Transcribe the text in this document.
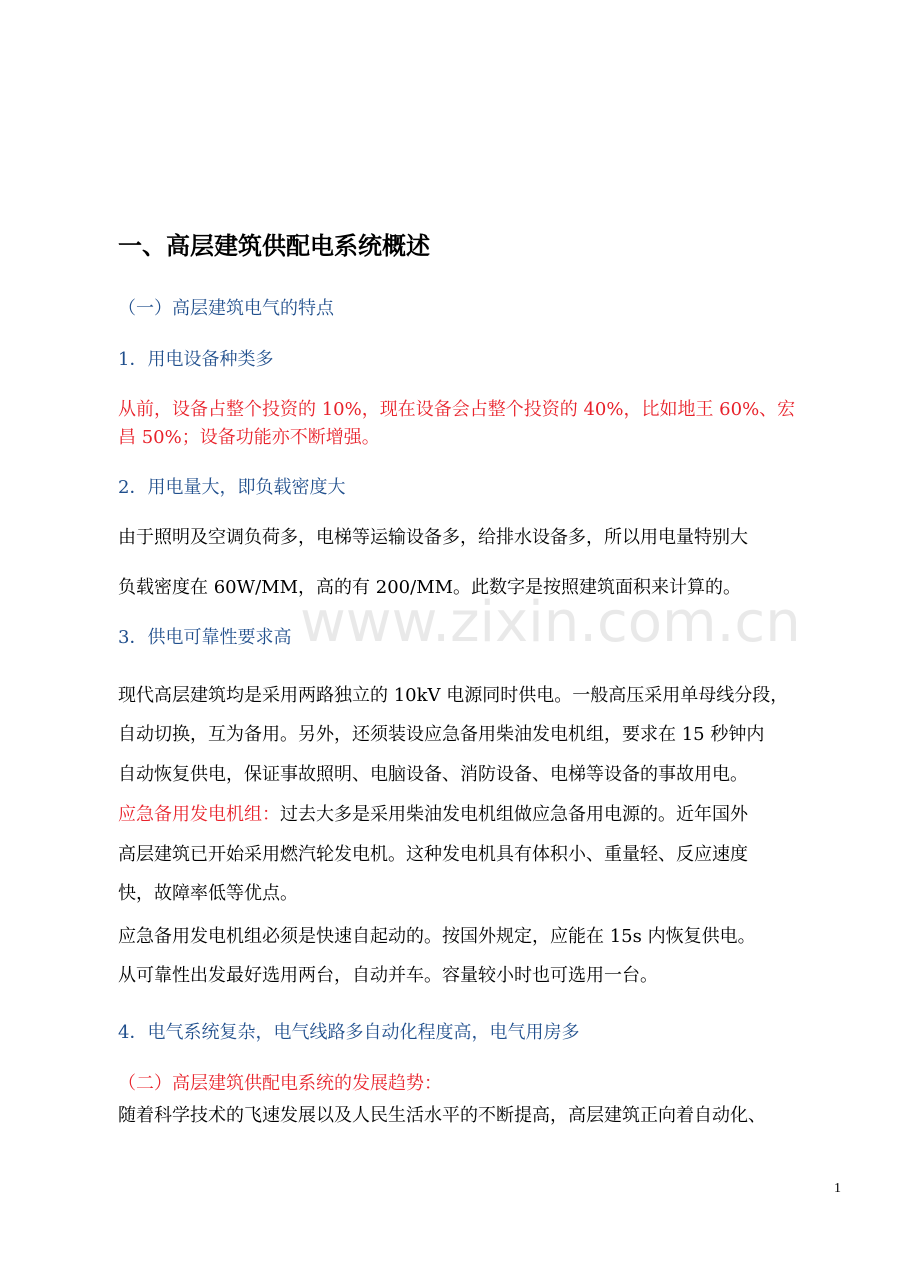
一、高层建筑供配电系统概述
（一）高层建筑电气的特点
1．用电设备种类多
从前，设备占整个投资的 10%，现在设备会占整个投资的 40%，比如地王 60%、宏
昌 50%；设备功能亦不断增强。
2．用电量大，即负载密度大
由于照明及空调负荷多，电梯等运输设备多，给排水设备多，所以用电量特别大
负载密度在 60W/MM，高的有 200/MM。此数字是按照建筑面积来计算的。
3．供电可靠性要求高
现代高层建筑均是采用两路独立的 10kV 电源同时供电。一般高压采用单母线分段，
自动切换，互为备用。另外，还须装设应急备用柴油发电机组，要求在 15 秒钟内
自动恢复供电，保证事故照明、电脑设备、消防设备、电梯等设备的事故用电。
应急备用发电机组：过去大多是采用柴油发电机组做应急备用电源的。近年国外
高层建筑已开始采用燃汽轮发电机。这种发电机具有体积小、重量轻、反应速度
快，故障率低等优点。
应急备用发电机组必须是快速自起动的。按国外规定，应能在 15s 内恢复供电。
从可靠性出发最好选用两台，自动并车。容量较小时也可选用一台。
4．电气系统复杂，电气线路多自动化程度高，电气用房多
（二）高层建筑供配电系统的发展趋势：
随着科学技术的飞速发展以及人民生活水平的不断提高，高层建筑正向着自动化、
www.zixin.com.cn
1
